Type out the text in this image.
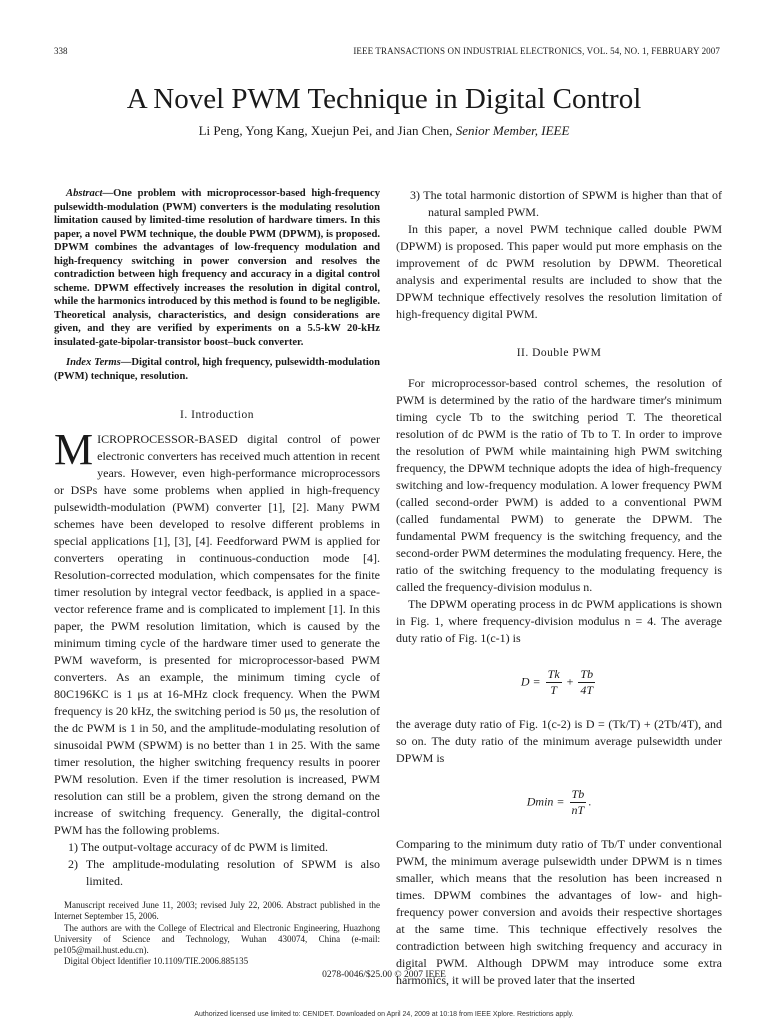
338	IEEE TRANSACTIONS ON INDUSTRIAL ELECTRONICS, VOL. 54, NO. 1, FEBRUARY 2007
A Novel PWM Technique in Digital Control
Li Peng, Yong Kang, Xuejun Pei, and Jian Chen, Senior Member, IEEE
Abstract—One problem with microprocessor-based high-frequency pulsewidth-modulation (PWM) converters is the modulating resolution limitation caused by limited-time resolution of hardware timers. In this paper, a novel PWM technique, the double PWM (DPWM), is proposed. DPWM combines the advantages of low-frequency modulation and high-frequency switching in power conversion and resolves the contradiction between high frequency and accuracy in a digital control scheme. DPWM effectively increases the resolution in digital control, while the harmonics introduced by this method is found to be negligible. Theoretical analysis, characteristics, and design considerations are given, and they are verified by experiments on a 5.5-kW 20-kHz insulated-gate-bipolar-transistor boost–buck converter.
Index Terms—Digital control, high frequency, pulsewidth-modulation (PWM) technique, resolution.
I. Introduction

MICROPROCESSOR-BASED digital control of power electronic converters has received much attention in recent years. However, even high-performance microprocessors or DSPs have some problems when applied in high-frequency pulsewidth-modulation (PWM) converter [1], [2]. Many PWM schemes have been developed to resolve different problems in special applications [1], [3], [4]. Feedforward PWM is applied for converters operating in continuous-conduction mode [4]. Resolution-corrected modulation, which compensates for the finite timer resolution by integral vector feedback, is applied in a space-vector reference frame and is complicated to implement [1]. In this paper, the PWM resolution limitation, which is caused by the minimum timing cycle of the hardware timer used to generate the PWM waveform, is presented for microprocessor-based PWM converters. As an example, the minimum timing cycle of 80C196KC is 1 μs at 16-MHz clock frequency. When the PWM frequency is 20 kHz, the switching period is 50 μs, the resolution of the dc PWM is 1 in 50, and the amplitude-modulating resolution of sinusoidal PWM (SPWM) is no better than 1 in 25. With the same timer resolution, the higher switching frequency results in poorer PWM resolution. Even if the timer resolution is increased, PWM resolution can still be a problem, given the strong demand on the increase of switching frequency. Generally, the digital-control PWM has the following problems.

1) The output-voltage accuracy of dc PWM is limited.
2) The amplitude-modulating resolution of SPWM is also limited.

Manuscript received June 11, 2003; revised July 22, 2006. Abstract published in the Internet September 15, 2006.

The authors are with the College of Electrical and Electronic Engineering, Huazhong University of Science and Technology, Wuhan 430074, China (e-mail: pe105@mail.hust.edu.cn).

Digital Object Identifier 10.1109/TIE.2006.885135

3) The total harmonic distortion of SPWM is higher than that of natural sampled PWM.

In this paper, a novel PWM technique called double PWM (DPWM) is proposed. This paper would put more emphasis on the improvement of dc PWM resolution by DPWM. Theoretical analysis and experimental results are included to show that the DPWM technique effectively resolves the resolution limitation of high-frequency digital PWM.

II. Double PWM

For microprocessor-based control schemes, the resolution of PWM is determined by the ratio of the hardware timer's minimum timing cycle Tb to the switching period T. The theoretical resolution of dc PWM is the ratio of Tb to T. In order to improve the resolution of PWM while maintaining high PWM switching frequency, the DPWM technique adopts the idea of high-frequency switching and low-frequency modulation. A lower frequency PWM (called second-order PWM) is added to a conventional PWM (called fundamental PWM) to generate the DPWM. The fundamental PWM frequency is the switching frequency, and the second-order PWM determines the modulating frequency. Here, the ratio of the switching frequency to the modulating frequency is called the frequency-division modulus n.

The DPWM operating process in dc PWM applications is shown in Fig. 1, where frequency-division modulus n = 4. The average duty ratio of Fig. 1(c-1) is

$D = \frac{Tk}{T} + \frac{Tb}{4T}$

the average duty ratio of Fig. 1(c-2) is D = (Tk/T) + (2Tb/4T), and so on. The duty ratio of the minimum average pulsewidth under DPWM is

$Dmin = \frac{Tb}{nT}$ .

Comparing to the minimum duty ratio of Tb/T under conventional PWM, the minimum average pulsewidth under DPWM is n times smaller, which means that the resolution has been increased n times. DPWM combines the advantages of low- and high-frequency power conversion and avoids their respective shortages at the same time. This technique effectively resolves the contradiction between high switching frequency and accuracy in digital PWM. Although DPWM may introduce some extra harmonics, it will be proved later that the inserted

0278-0046/$25.00 © 2007 IEEE
Authorized licensed use limited to: CENIDET. Downloaded on April 24, 2009 at 10:18 from IEEE Xplore. Restrictions apply.
